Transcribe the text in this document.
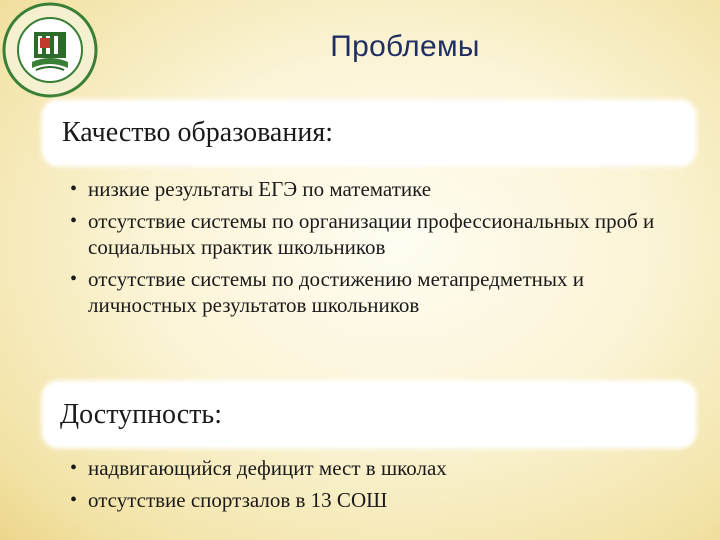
Проблемы
Качество образования:
• низкие результаты ЕГЭ по математике
• отсутствие системы по организации профессиональных проб и социальных практик школьников
• отсутствие системы по достижению метапредметных и личностных результатов школьников
Доступность:
• надвигающийся дефицит мест в школах
• отсутствие спортзалов в 13 СОШ
